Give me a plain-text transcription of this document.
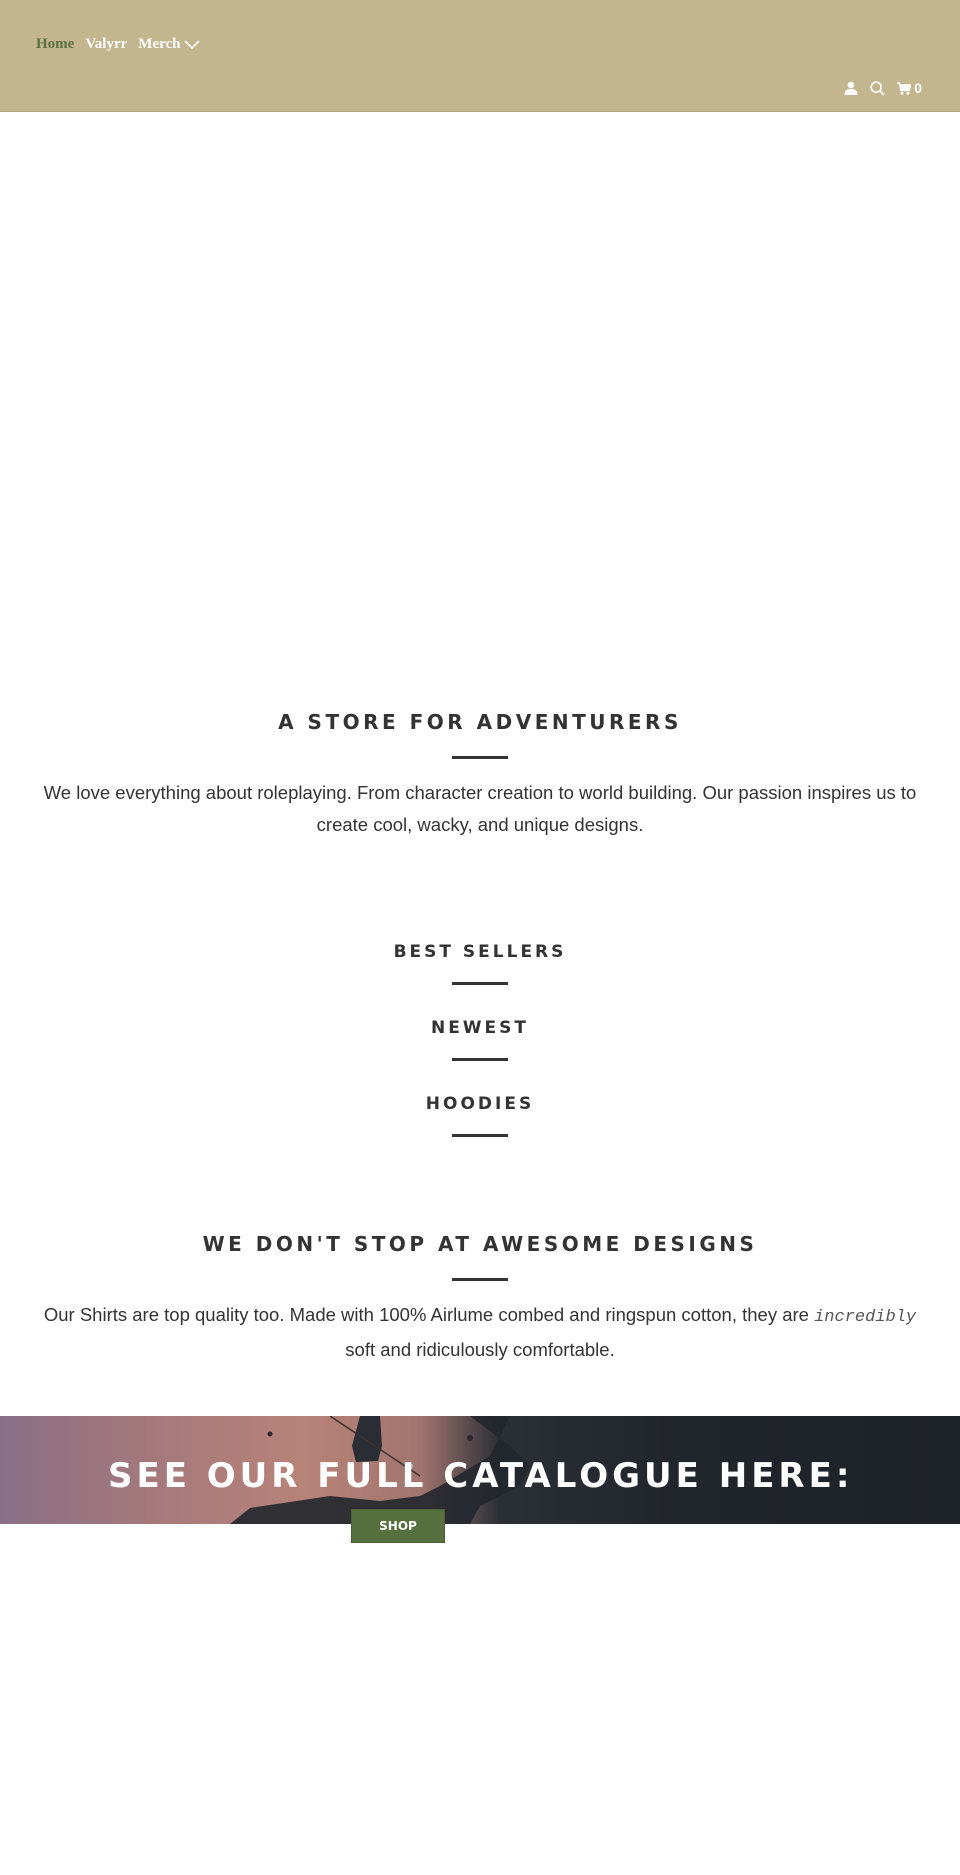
Home Valyrr Merch
0
A STORE FOR ADVENTURERS

We love everything about roleplaying. From character creation to world building. Our passion inspires us to create cool, wacky, and unique designs.

BEST SELLERS
NEWEST
HOODIES
WE DON'T STOP AT AWESOME DESIGNS

Our Shirts are top quality too. Made with 100% Airlume combed and ringspun cotton, they are incredibly soft and ridiculously comfortable.

SEE OUR FULL CATALOGUE HERE:
SHOP
